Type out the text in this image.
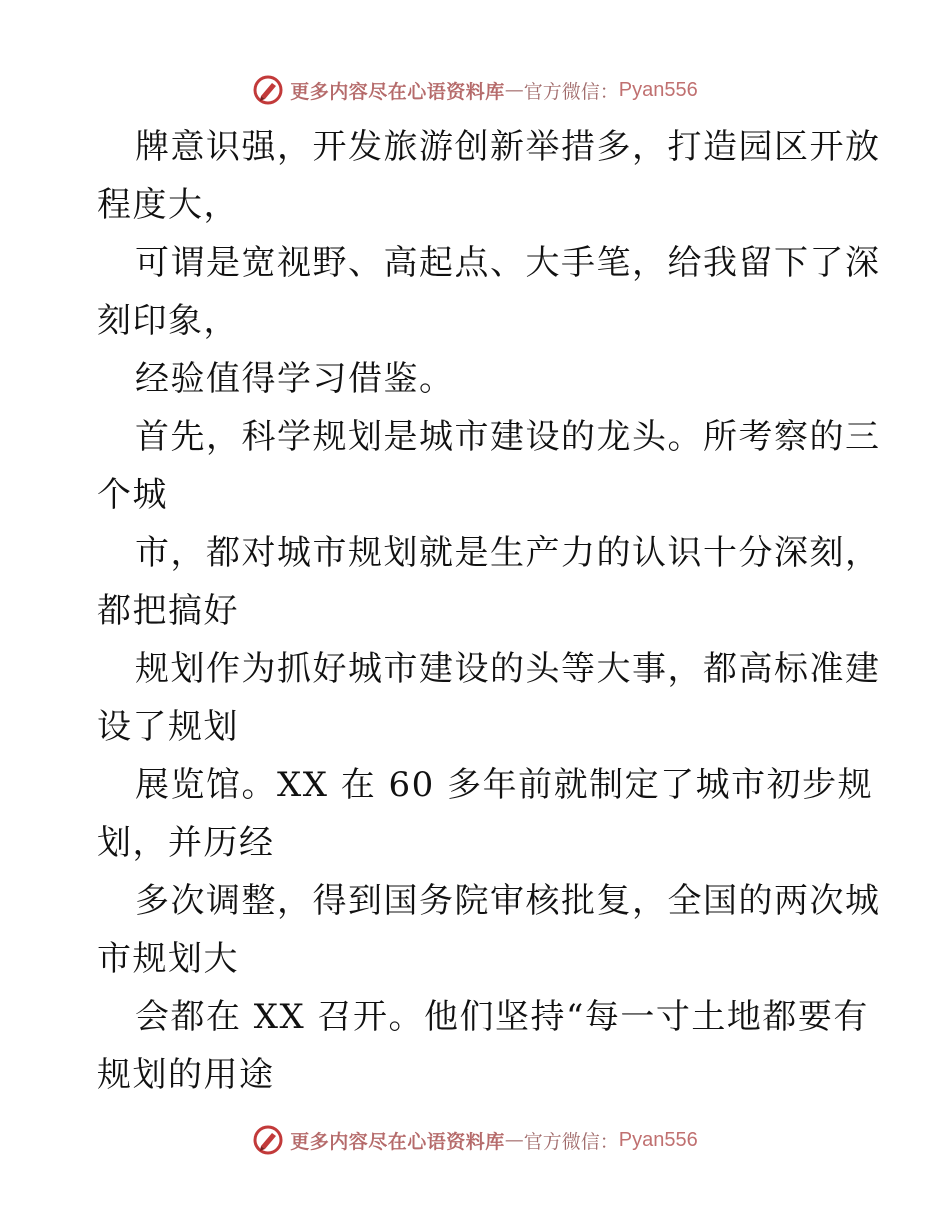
更多内容尽在心语资料库 — 官方微信： Pyan556
牌意识强，开发旅游创新举措多，打造园区开放
程度大，
可谓是宽视野、高起点、大手笔，给我留下了深
刻印象，
经验值得学习借鉴。
首先，科学规划是城市建设的龙头。所考察的三
个城
市，都对城市规划就是生产力的认识十分深刻，
都把搞好
规划作为抓好城市建设的头等大事，都高标准建
设了规划
展览馆。XX 在 60 多年前就制定了城市初步规
划，并历经
多次调整，得到国务院审核批复，全国的两次城
市规划大
会都在 XX 召开。他们坚持“每一寸土地都要有
规划的用途
更多内容尽在心语资料库 — 官方微信： Pyan556
